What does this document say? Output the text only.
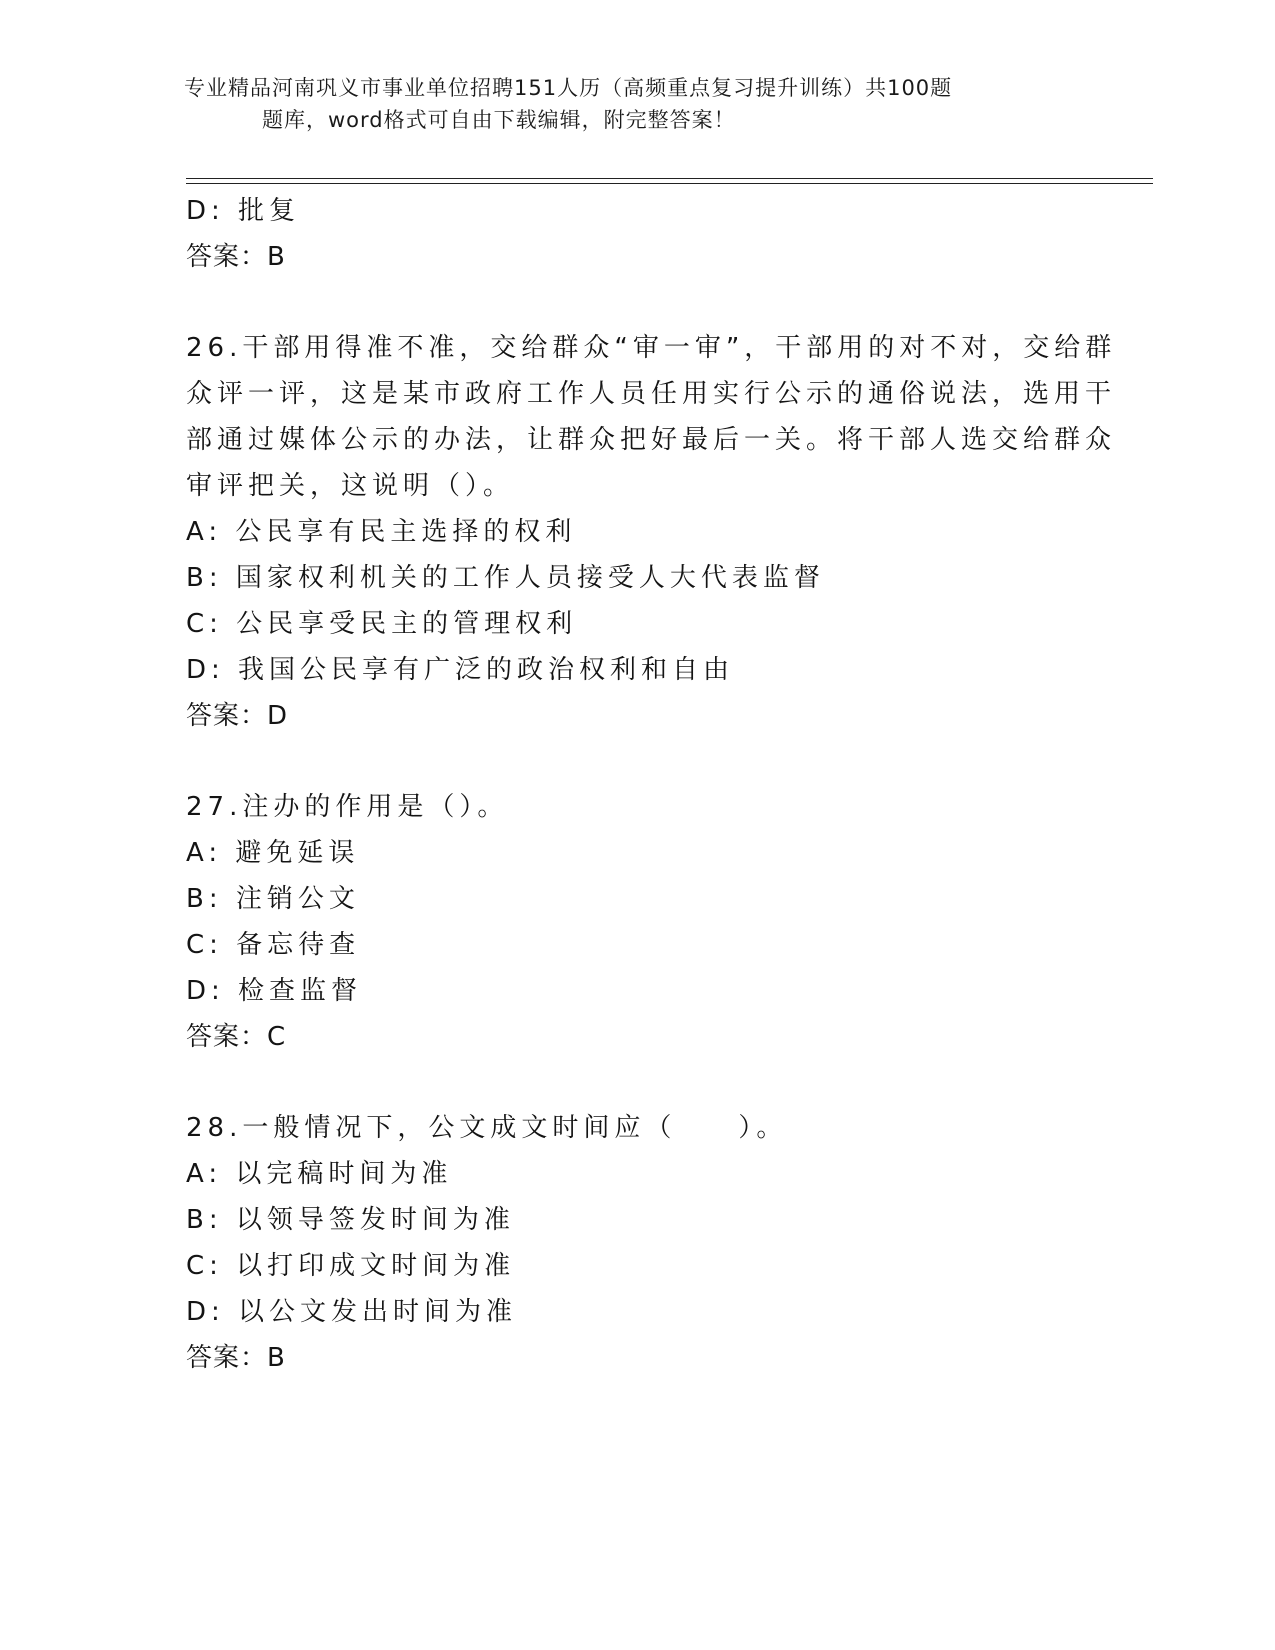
专业精品河南巩义市事业单位招聘151人历（高频重点复习提升训练）共100题
题库，word格式可自由下载编辑，附完整答案！
D: 批复
答案：B
26.干部用得准不准，交给群众“审一审”，干部用的对不对，交给群
众评一评，这是某市政府工作人员任用实行公示的通俗说法，选用干
部通过媒体公示的办法，让群众把好最后一关。将干部人选交给群众
审评把关，这说明（）。
A: 公民享有民主选择的权利
B: 国家权利机关的工作人员接受人大代表监督
C: 公民享受民主的管理权利
D: 我国公民享有广泛的政治权利和自由
答案：D
27.注办的作用是（）。
A: 避免延误
B: 注销公文
C: 备忘待查
D: 检查监督
答案：C
28.一般情况下，公文成文时间应（　　）。
A: 以完稿时间为准
B: 以领导签发时间为准
C: 以打印成文时间为准
D: 以公文发出时间为准
答案：B
